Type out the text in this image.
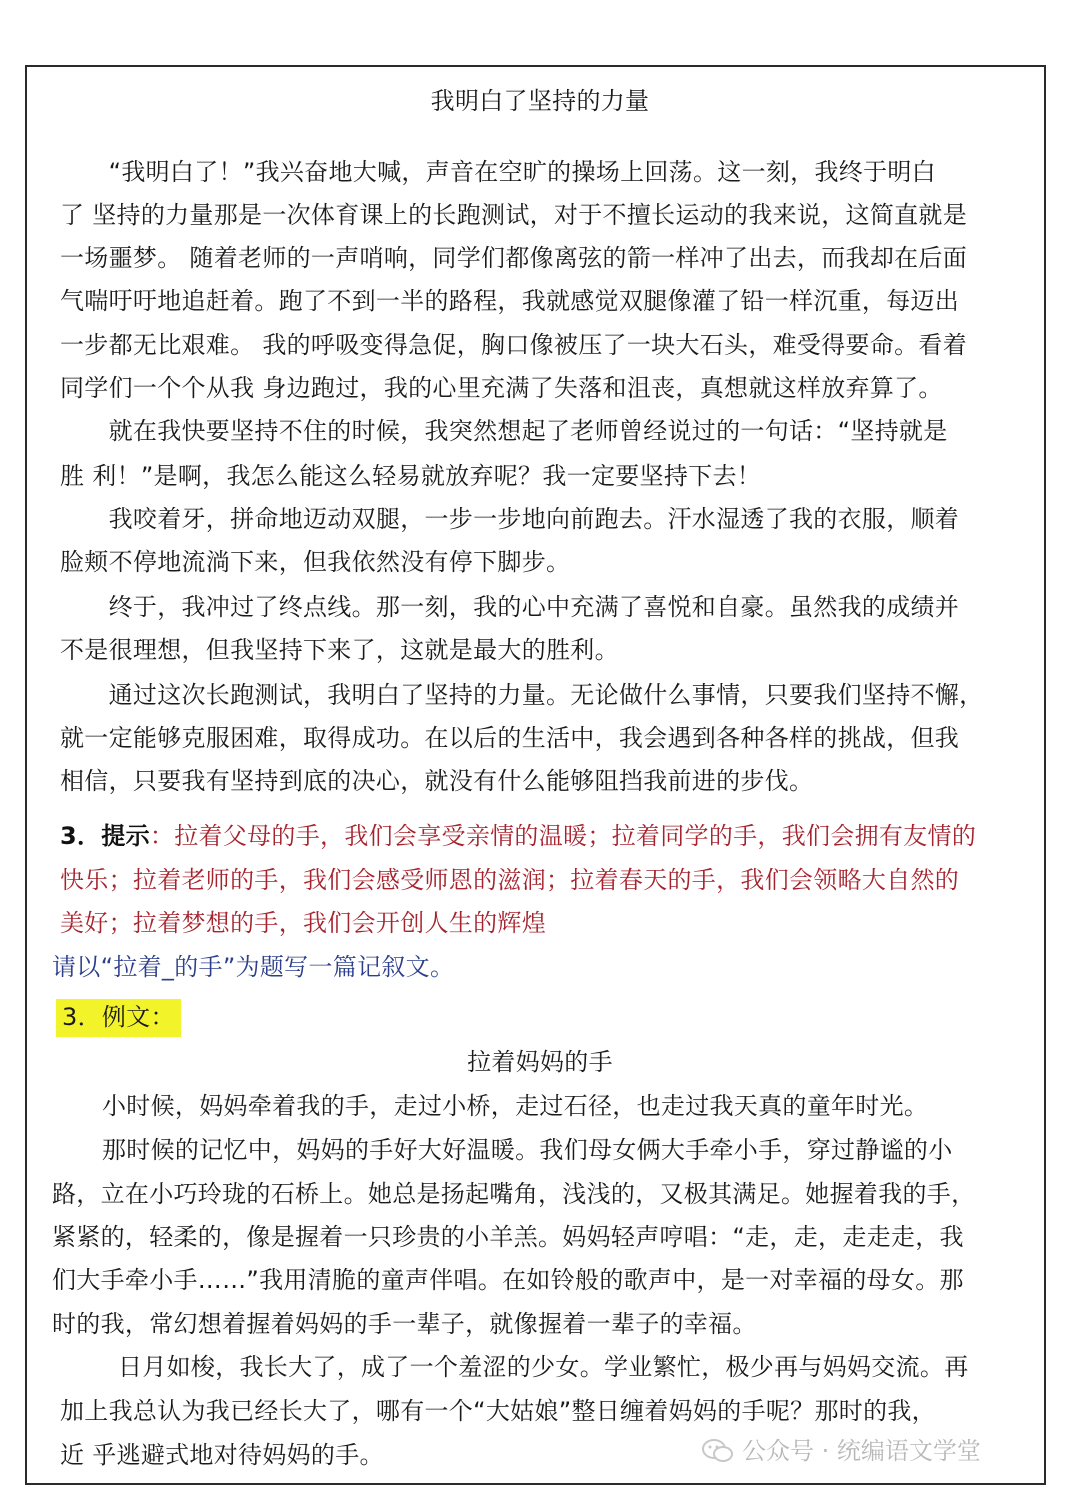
我明白了坚持的力量
　　“我明白了！”我兴奋地大喊，声音在空旷的操场上回荡。这一刻，我终于明白
了 坚持的力量那是一次体育课上的长跑测试，对于不擅长运动的我来说，这简直就是
一场噩梦。 随着老师的一声哨响，同学们都像离弦的箭一样冲了出去，而我却在后面
气喘吁吁地追赶着。跑了不到一半的路程，我就感觉双腿像灌了铅一样沉重，每迈出
一步都无比艰难。 我的呼吸变得急促，胸口像被压了一块大石头，难受得要命。看着
同学们一个个从我 身边跑过，我的心里充满了失落和沮丧，真想就这样放弃算了。
　　就在我快要坚持不住的时候，我突然想起了老师曾经说过的一句话：“坚持就是
胜 利！”是啊，我怎么能这么轻易就放弃呢？我一定要坚持下去！
　　我咬着牙，拼命地迈动双腿，一步一步地向前跑去。汗水湿透了我的衣服，顺着
脸颊不停地流淌下来，但我依然没有停下脚步。
　　终于，我冲过了终点线。那一刻，我的心中充满了喜悦和自豪。虽然我的成绩并
不是很理想，但我坚持下来了，这就是最大的胜利。
　　通过这次长跑测试，我明白了坚持的力量。无论做什么事情，只要我们坚持不懈，
就一定能够克服困难，取得成功。在以后的生活中，我会遇到各种各样的挑战，但我
相信，只要我有坚持到底的决心，就没有什么能够阻挡我前进的步伐。
3．提示：拉着父母的手，我们会享受亲情的温暖；拉着同学的手，我们会拥有友情的
快乐；拉着老师的手，我们会感受师恩的滋润；拉着春天的手，我们会领略大自然的
美好；拉着梦想的手，我们会开创人生的辉煌
请以“拉着_的手”为题写一篇记叙文。
3．例文：
拉着妈妈的手
小时候，妈妈牵着我的手，走过小桥，走过石径，也走过我天真的童年时光。
那时候的记忆中，妈妈的手好大好温暖。我们母女俩大手牵小手，穿过静谧的小
路，立在小巧玲珑的石桥上。她总是扬起嘴角，浅浅的，又极其满足。她握着我的手，
紧紧的，轻柔的，像是握着一只珍贵的小羊羔。妈妈轻声哼唱：“走，走，走走走，我
们大手牵小手……”我用清脆的童声伴唱。在如铃般的歌声中，是一对幸福的母女。那
时的我，常幻想着握着妈妈的手一辈子，就像握着一辈子的幸福。
日月如梭，我长大了，成了一个羞涩的少女。学业繁忙，极少再与妈妈交流。再
加上我总认为我已经长大了，哪有一个“大姑娘”整日缠着妈妈的手呢？那时的我，
近 乎逃避式地对待妈妈的手。	公众号 · 统编语文学堂
